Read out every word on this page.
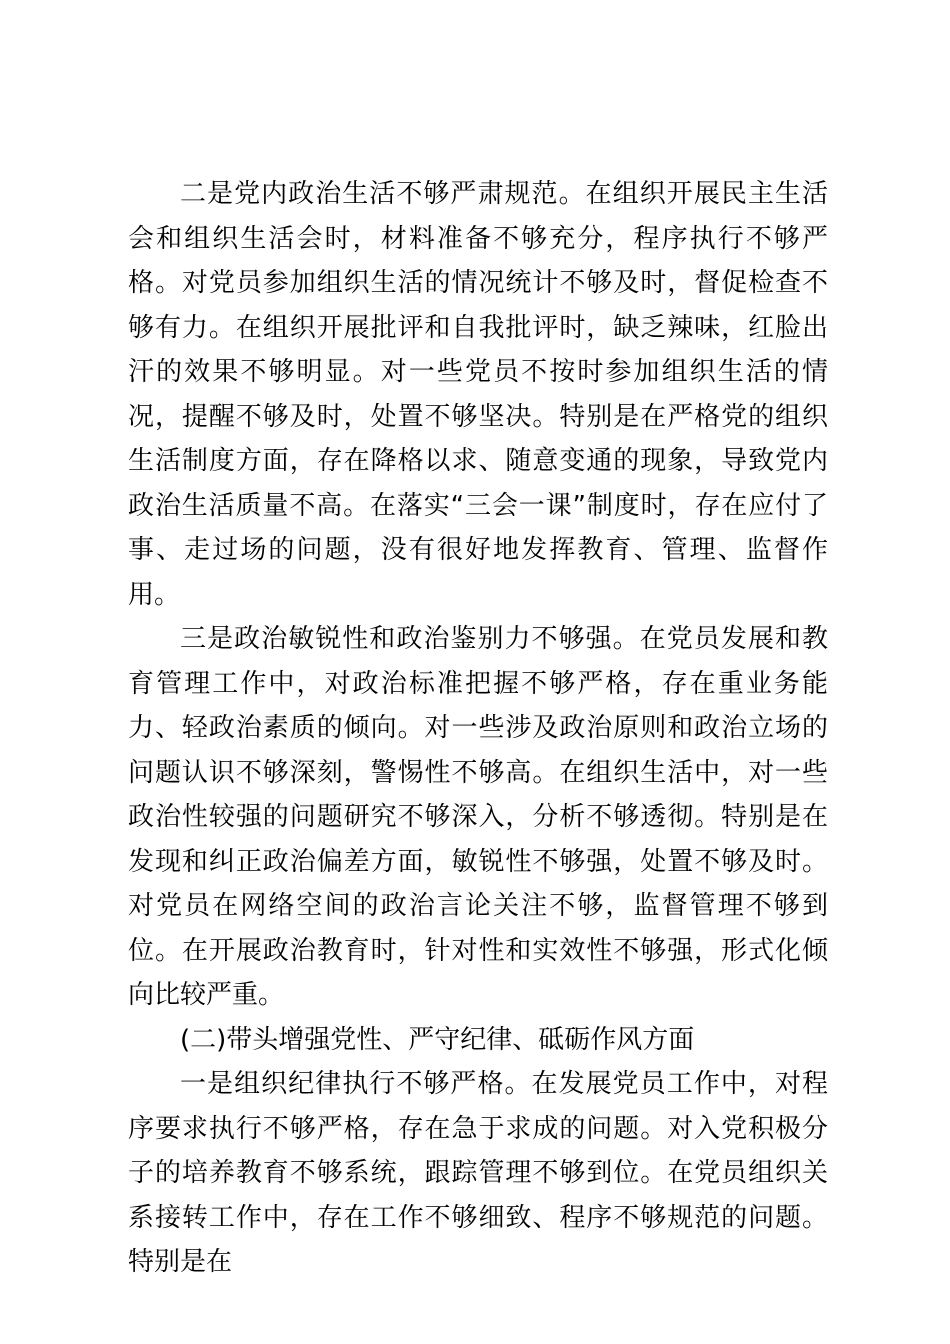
二是党内政治生活不够严肃规范。在组织开展民主生活会和组织生活会时，材料准备不够充分，程序执行不够严格。对党员参加组织生活的情况统计不够及时，督促检查不够有力。在组织开展批评和自我批评时，缺乏辣味，红脸出汗的效果不够明显。对一些党员不按时参加组织生活的情况，提醒不够及时，处置不够坚决。特别是在严格党的组织生活制度方面，存在降格以求、随意变通的现象，导致党内政治生活质量不高。在落实“三会一课”制度时，存在应付了事、走过场的问题，没有很好地发挥教育、管理、监督作用。

三是政治敏锐性和政治鉴别力不够强。在党员发展和教育管理工作中，对政治标准把握不够严格，存在重业务能力、轻政治素质的倾向。对一些涉及政治原则和政治立场的问题认识不够深刻，警惕性不够高。在组织生活中，对一些政治性较强的问题研究不够深入，分析不够透彻。特别是在发现和纠正政治偏差方面，敏锐性不够强，处置不够及时。对党员在网络空间的政治言论关注不够，监督管理不够到位。在开展政治教育时，针对性和实效性不够强，形式化倾向比较严重。

(二)带头增强党性、严守纪律、砥砺作风方面

一是组织纪律执行不够严格。在发展党员工作中，对程序要求执行不够严格，存在急于求成的问题。对入党积极分子的培养教育不够系统，跟踪管理不够到位。在党员组织关系接转工作中，存在工作不够细致、程序不够规范的问题。特别是在
